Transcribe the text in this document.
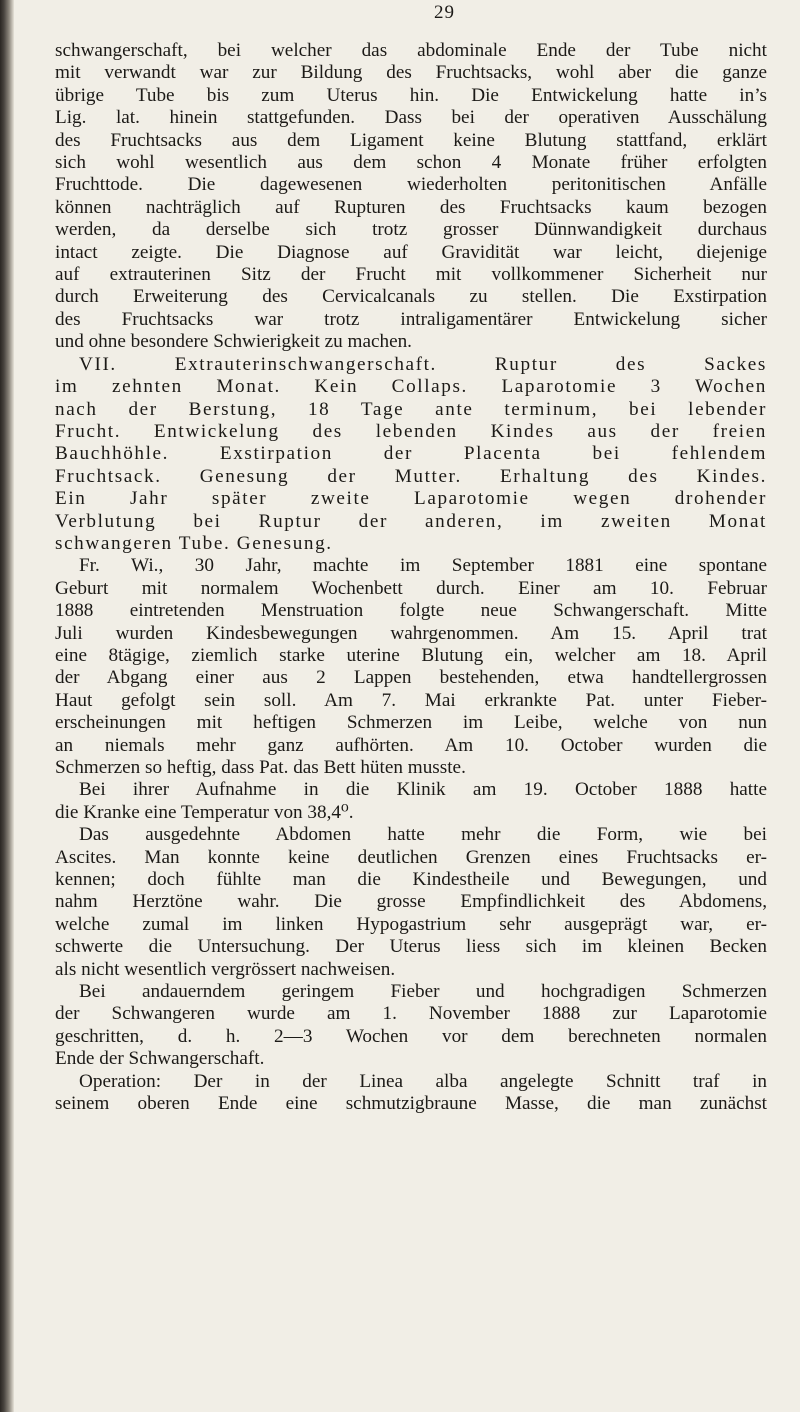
29
schwangerschaft, bei welcher das abdominale Ende der Tube nicht
mit verwandt war zur Bildung des Fruchtsacks, wohl aber die ganze
übrige Tube bis zum Uterus hin. Die Entwickelung hatte in’s
Lig. lat. hinein stattgefunden. Dass bei der operativen Ausschälung
des Fruchtsacks aus dem Ligament keine Blutung stattfand, erklärt
sich wohl wesentlich aus dem schon 4 Monate früher erfolgten
Fruchttode. Die dagewesenen wiederholten peritonitischen Anfälle
können nachträglich auf Rupturen des Fruchtsacks kaum bezogen
werden, da derselbe sich trotz grosser Dünnwandigkeit durchaus
intact zeigte. Die Diagnose auf Gravidität war leicht, diejenige
auf extrauterinen Sitz der Frucht mit vollkommener Sicherheit nur
durch Erweiterung des Cervicalcanals zu stellen. Die Exstirpation
des Fruchtsacks war trotz intraligamentärer Entwickelung sicher
und ohne besondere Schwierigkeit zu machen.
VII. Extrauterinschwangerschaft. Ruptur des Sackes
im zehnten Monat. Kein Collaps. Laparotomie 3 Wochen
nach der Berstung, 18 Tage ante terminum, bei lebender
Frucht. Entwickelung des lebenden Kindes aus der freien
Bauchhöhle. Exstirpation der Placenta bei fehlendem
Fruchtsack. Genesung der Mutter. Erhaltung des Kindes.
Ein Jahr später zweite Laparotomie wegen drohender
Verblutung bei Ruptur der anderen, im zweiten Monat
schwangeren Tube. Genesung.
Fr. Wi., 30 Jahr, machte im September 1881 eine spontane
Geburt mit normalem Wochenbett durch. Einer am 10. Februar
1888 eintretenden Menstruation folgte neue Schwangerschaft. Mitte
Juli wurden Kindesbewegungen wahrgenommen. Am 15. April trat
eine 8tägige, ziemlich starke uterine Blutung ein, welcher am 18. April
der Abgang einer aus 2 Lappen bestehenden, etwa handtellergrossen
Haut gefolgt sein soll. Am 7. Mai erkrankte Pat. unter Fieber-
erscheinungen mit heftigen Schmerzen im Leibe, welche von nun
an niemals mehr ganz aufhörten. Am 10. October wurden die
Schmerzen so heftig, dass Pat. das Bett hüten musste.
Bei ihrer Aufnahme in die Klinik am 19. October 1888 hatte
die Kranke eine Temperatur von 38,4⁰.
Das ausgedehnte Abdomen hatte mehr die Form, wie bei
Ascites. Man konnte keine deutlichen Grenzen eines Fruchtsacks er-
kennen; doch fühlte man die Kindestheile und Bewegungen, und
nahm Herztöne wahr. Die grosse Empfindlichkeit des Abdomens,
welche zumal im linken Hypogastrium sehr ausgeprägt war, er-
schwerte die Untersuchung. Der Uterus liess sich im kleinen Becken
als nicht wesentlich vergrössert nachweisen.
Bei andauerndem geringem Fieber und hochgradigen Schmerzen
der Schwangeren wurde am 1. November 1888 zur Laparotomie
geschritten, d. h. 2—3 Wochen vor dem berechneten normalen
Ende der Schwangerschaft.
Operation: Der in der Linea alba angelegte Schnitt traf in
seinem oberen Ende eine schmutzigbraune Masse, die man zunächst
